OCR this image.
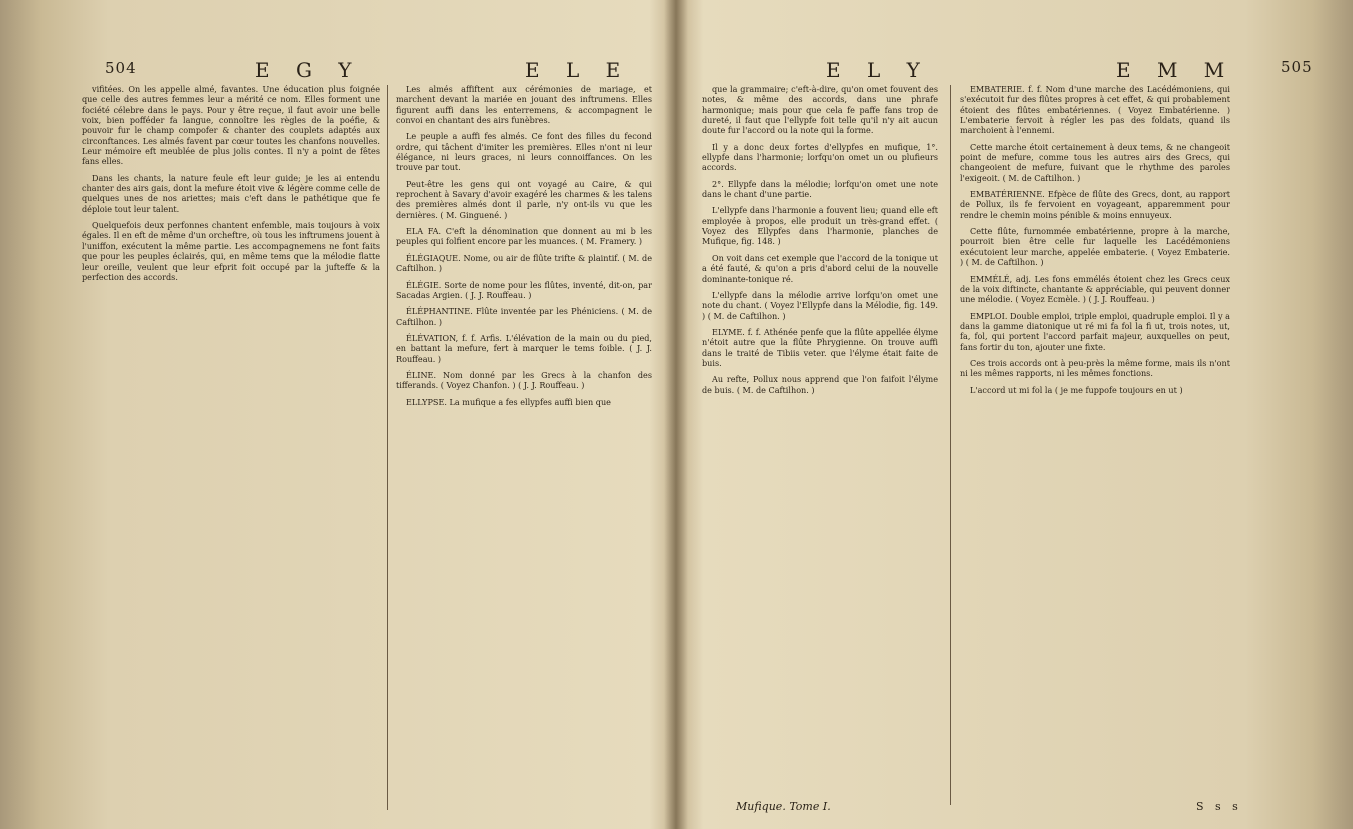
504	E G Y	E L E

vifitées. On les appelle almé, favantes. Une éducation plus foignée que celle des autres femmes leur a mérité ce nom. Elles forment une fociété célebre dans le pays. Pour y être reçue, il faut avoir une belle voix, bien pofféder fa langue, connoître les règles de la poéfie, & pouvoir fur le champ compofer & chanter des couplets adaptés aux circonftances. Les almés favent par cœur toutes les chanfons nouvelles. Leur mémoire eft meublée de plus jolis contes. Il n'y a point de fêtes fans elles.

Dans les chants, la nature feule eft leur guide; je les ai entendu chanter des airs gais, dont la mefure étoit vive & légère comme celle de quelques unes de nos ariettes; mais c'eft dans le pathétique que fe déploie tout leur talent.

Quelquefois deux perfonnes chantent enfemble, mais toujours à voix égales. Il en eft de même d'un orcheftre, où tous les inftrumens jouent à l'uniffon, exécutent la même partie. Les accompagnemens ne font faits que pour les peuples éclairés, qui, en même tems que la mélodie flatte leur oreille, veulent que leur efprit foit occupé par la jufteffe & la perfection des accords.

Les almés affiftent aux cérémonies de mariage, et marchent devant la mariée en jouant des inftrumens. Elles figurent auffi dans les enterremens, & accompagnent le convoi en chantant des airs funèbres.

Le peuple a auffi fes almés. Ce font des filles du fecond ordre, qui tâchent d'imiter les premières. Elles n'ont ni leur élégance, ni leurs graces, ni leurs connoiffances. On les trouve par tout.

Peut-être les gens qui ont voyagé au Caire, & qui reprochent à Savary d'avoir exagéré les charmes & les talens des premières almés dont il parle, n'y ont-ils vu que les dernières. ( M. Ginguené. )

ELA FA. C'eft la dénomination que donnent au mi b les peuples qui folfient encore par les muances. ( M. Framery. )

ÉLÉGIAQUE. Nome, ou air de flûte trifte & plaintif. ( M. de Caftilhon. )

ÉLÉGIE. Sorte de nome pour les flûtes, inventé, dit-on, par Sacadas Argien. ( J. J. Rouffeau. )

ÉLÉPHANTINE. Flûte inventée par les Phéniciens. ( M. de Caftilhon. )

ÉLÉVATION, f. f. Arfis. L'élévation de la main ou du pied, en battant la mefure, fert à marquer le tems foible. ( J. J. Rouffeau. )

ÉLINE. Nom donné par les Grecs à la chanfon des tifferands. ( Voyez Chanfon. ) ( J. J. Rouffeau. )

ELLYPSE. La mufique a fes ellypfes auffi bien que

E L Y	E M M	505

que la grammaire; c'eft-à-dire, qu'on omet fouvent des notes, & même des accords, dans une phrafe harmonique; mais pour que cela fe paffe fans trop de dureté, il faut que l'ellypfe foit telle qu'il n'y ait aucun doute fur l'accord ou la note qui la forme.

Il y a donc deux fortes d'ellypfes en mufique, 1°. ellypfe dans l'harmonie; lorfqu'on omet un ou plufieurs accords.

2°. Ellypfe dans la mélodie; lorfqu'on omet une note dans le chant d'une partie.

L'ellypfe dans l'harmonie a fouvent lieu; quand elle eft employée à propos, elle produit un très-grand effet. ( Voyez des Ellypfes dans l'harmonie, planches de Mufique, fig. 148. )

On voit dans cet exemple que l'accord de la tonique ut a été fauté, & qu'on a pris d'abord celui de la nouvelle dominante-tonique ré.

L'ellypfe dans la mélodie arrive lorfqu'on omet une note du chant. ( Voyez l'Ellypfe dans la Mélodie, fig. 149. ) ( M. de Caftilhon. )

ELYME. f. f. Athénée penfe que la flûte appellée élyme n'étoit autre que la flûte Phrygienne. On trouve auffi dans le traité de Tibiis veter. que l'élyme était faite de buis.

Au refte, Pollux nous apprend que l'on faifoit l'élyme de buis. ( M. de Caftilhon. )

Mufique. Tome I.

EMBATERIE. f. f. Nom d'une marche des Lacédémoniens, qui s'exécutoit fur des flûtes propres à cet effet, & qui probablement étoient des flûtes embatériennes. ( Voyez Embatérienne. ) L'embaterie fervoit à régler les pas des foldats, quand ils marchoient à l'ennemi.

Cette marche étoit certainement à deux tems, & ne changeoit point de mefure, comme tous les autres airs des Grecs, qui changeoient de mefure, fuivant que le rhythme des paroles l'exigeoit. ( M. de Caftilhon. )

EMBATÉRIENNE. Efpèce de flûte des Grecs, dont, au rapport de Pollux, ils fe fervoient en voyageant, apparemment pour rendre le chemin moins pénible & moins ennuyeux.

Cette flûte, furnommée embatérienne, propre à la marche, pourroit bien être celle fur laquelle les Lacédémoniens exécutoient leur marche, appelée embaterie. ( Voyez Embaterie. ) ( M. de Caftilhon. )

EMMÉLÉ, adj. Les fons emmélés étoient chez les Grecs ceux de la voix diftincte, chantante & appréciable, qui peuvent donner une mélodie. ( Voyez Ecmèle. ) ( J. J. Rouffeau. )

EMPLOI. Double emploi, triple emploi, quadruple emploi. Il y a dans la gamme diatonique ut ré mi fa fol la fi ut, trois notes, ut, fa, fol, qui portent l'accord parfait majeur, auxquelles on peut, fans fortir du ton, ajouter une fixte.

Ces trois accords ont à peu-près la même forme, mais ils n'ont ni les mêmes rapports, ni les mêmes fonctions.

L'accord ut mi fol la ( je me fuppofe toujours en ut )

S s s
